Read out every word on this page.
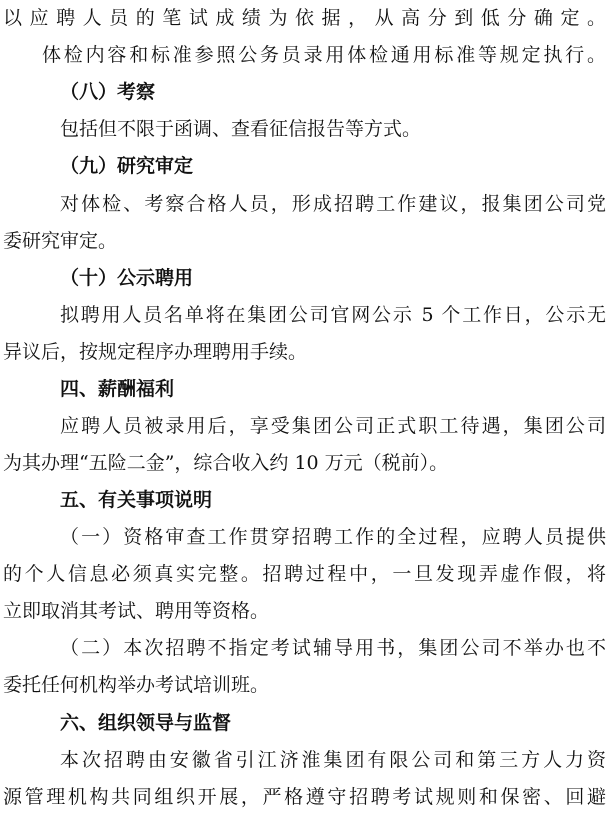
以应聘人员的笔试成绩为依据，从高分到低分确定。
体检内容和标准参照公务员录用体检通用标准等规定执行。
（八）考察
包括但不限于函调、查看征信报告等方式。
（九）研究审定
对体检、考察合格人员，形成招聘工作建议，报集团公司党
委研究审定。
（十）公示聘用
拟聘用人员名单将在集团公司官网公示 5 个工作日，公示无
异议后，按规定程序办理聘用手续。
四、薪酬福利
应聘人员被录用后，享受集团公司正式职工待遇，集团公司
为其办理“五险二金”，综合收入约 10 万元（税前）。
五、有关事项说明
（一）资格审查工作贯穿招聘工作的全过程，应聘人员提供
的个人信息必须真实完整。招聘过程中，一旦发现弄虚作假，将
立即取消其考试、聘用等资格。
（二）本次招聘不指定考试辅导用书，集团公司不举办也不
委托任何机构举办考试培训班。
六、组织领导与监督
本次招聘由安徽省引江济淮集团有限公司和第三方人力资
源管理机构共同组织开展，严格遵守招聘考试规则和保密、回避
